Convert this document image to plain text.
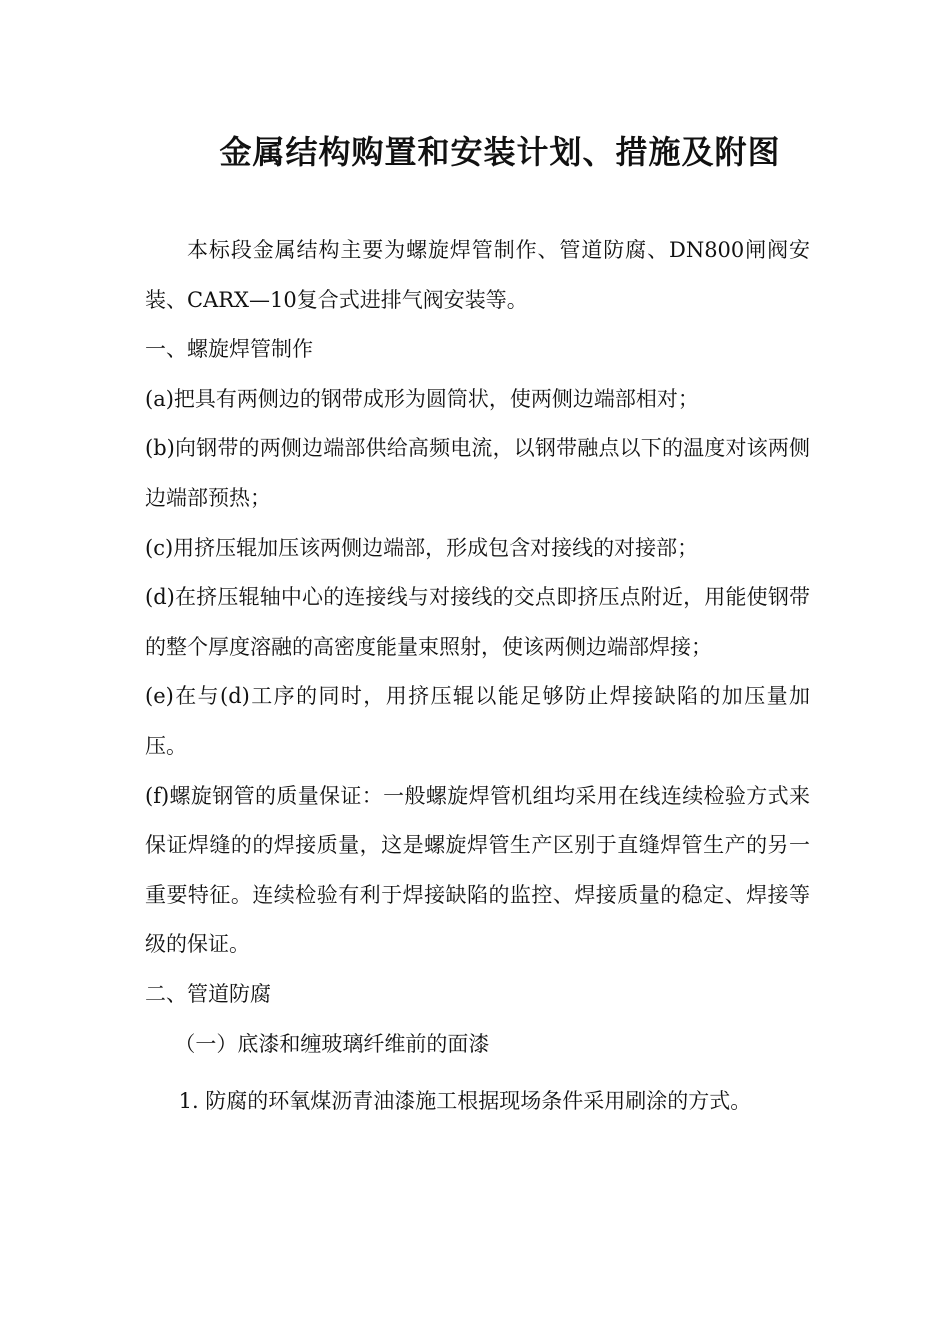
金属结构购置和安装计划、措施及附图

本标段金属结构主要为螺旋焊管制作、管道防腐、DN800闸阀安装、CARX—10复合式进排气阀安装等。

一、螺旋焊管制作

(a)把具有两侧边的钢带成形为圆筒状，使两侧边端部相对；

(b)向钢带的两侧边端部供给高频电流，以钢带融点以下的温度对该两侧边端部预热；

(c)用挤压辊加压该两侧边端部，形成包含对接线的对接部；

(d)在挤压辊轴中心的连接线与对接线的交点即挤压点附近，用能使钢带的整个厚度溶融的高密度能量束照射，使该两侧边端部焊接；

(e)在与(d)工序的同时，用挤压辊以能足够防止焊接缺陷的加压量加压。

(f)螺旋钢管的质量保证：一般螺旋焊管机组均采用在线连续检验方式来保证焊缝的的焊接质量，这是螺旋焊管生产区别于直缝焊管生产的另一重要特征。连续检验有利于焊接缺陷的监控、焊接质量的稳定、焊接等级的保证。

二、管道防腐

（一）底漆和缠玻璃纤维前的面漆

1. 防腐的环氧煤沥青油漆施工根据现场条件采用刷涂的方式。
